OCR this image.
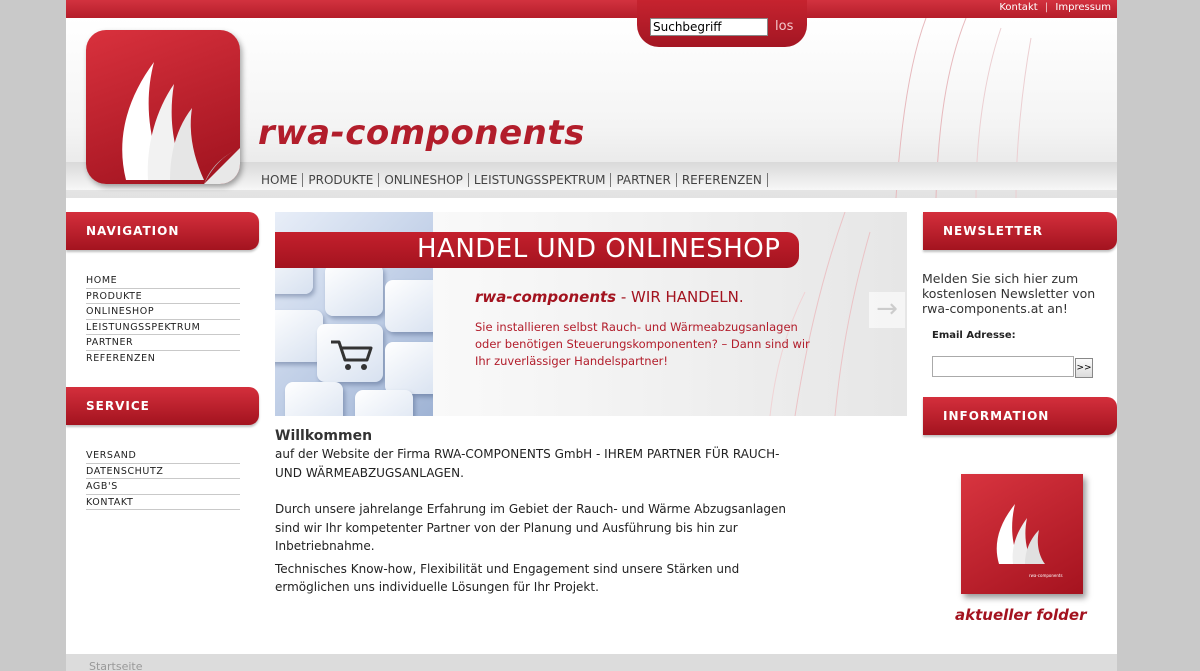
Kontakt | Impressum
rwa-components
HOME PRODUKTE ONLINESHOP LEISTUNGSSPEKTRUM PARTNER REFERENZEN
Suchbegriff
los
NAVIGATION
HOME
PRODUKTE
ONLINESHOP
LEISTUNGSSPEKTRUM
PARTNER
REFERENZEN
SERVICE
VERSAND
DATENSCHUTZ
AGB'S
KONTAKT
HANDEL UND ONLINESHOP
rwa-components - WIR HANDELN.
Sie installieren selbst Rauch- und Wärmeabzugsanlagen oder benötigen Steuerungskomponenten? – Dann sind wir Ihr zuverlässiger Handelspartner!
→
Willkommen

auf der Website der Firma RWA-COMPONENTS GmbH - IHREM PARTNER FÜR RAUCH- UND WÄRMEABZUGSANLAGEN.

Durch unsere jahrelange Erfahrung im Gebiet der Rauch- und Wärme Abzugsanlagen sind wir Ihr kompetenter Partner von der Planung und Ausführung bis hin zur Inbetriebnahme.

Technisches Know-how, Flexibilität und Engagement sind unsere Stärken und ermöglichen uns individuelle Lösungen für Ihr Projekt.

NEWSLETTER
Melden Sie sich hier zum kostenlosen Newsletter von rwa-components.at an!
Email Adresse:
>>
INFORMATION
rwa-components
aktueller folder
Startseite
